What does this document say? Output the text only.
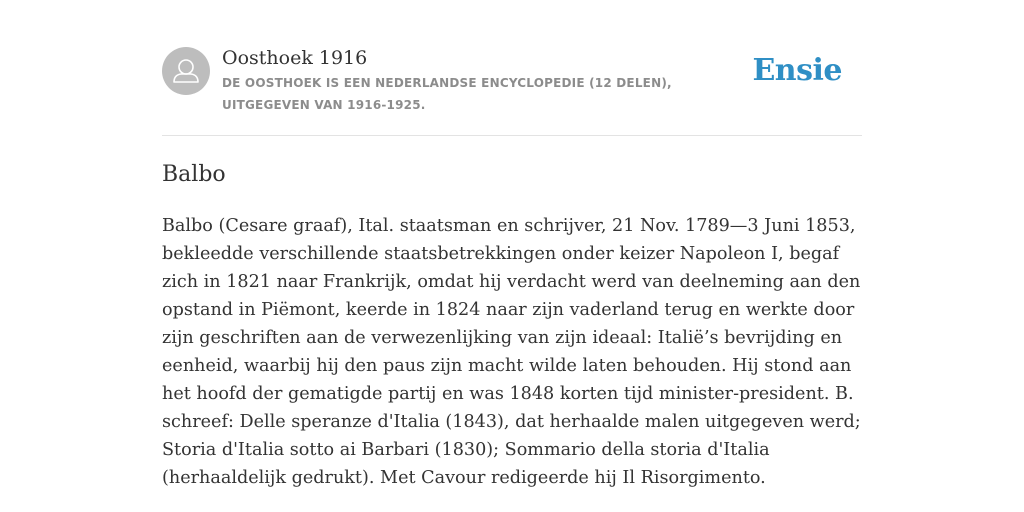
Oosthoek 1916
DE OOSTHOEK IS EEN NEDERLANDSE ENCYCLOPEDIE (12 DELEN), UITGEGEVEN VAN 1916-1925.
Ensie
Balbo

Balbo (Cesare graaf), Ital. staatsman en schrijver, 21 Nov. 1789—3 Juni 1853, bekleedde verschillende staatsbetrekkingen onder keizer Napoleon I, begaf zich in 1821 naar Frankrijk, omdat hij verdacht werd van deelneming aan den opstand in Piëmont, keerde in 1824 naar zijn vaderland terug en werkte door zijn geschriften aan de verwezenlijking van zijn ideaal: Italië’s bevrijding en eenheid, waarbij hij den paus zijn macht wilde laten behouden. Hij stond aan het hoofd der gematigde partij en was 1848 korten tijd minister-president. B. schreef: Delle speranze d'Italia (1843), dat herhaalde malen uitgegeven werd; Storia d'Italia sotto ai Barbari (1830); Sommario della storia d'Italia (herhaaldelijk gedrukt). Met Cavour redigeerde hij Il Risorgimento.
